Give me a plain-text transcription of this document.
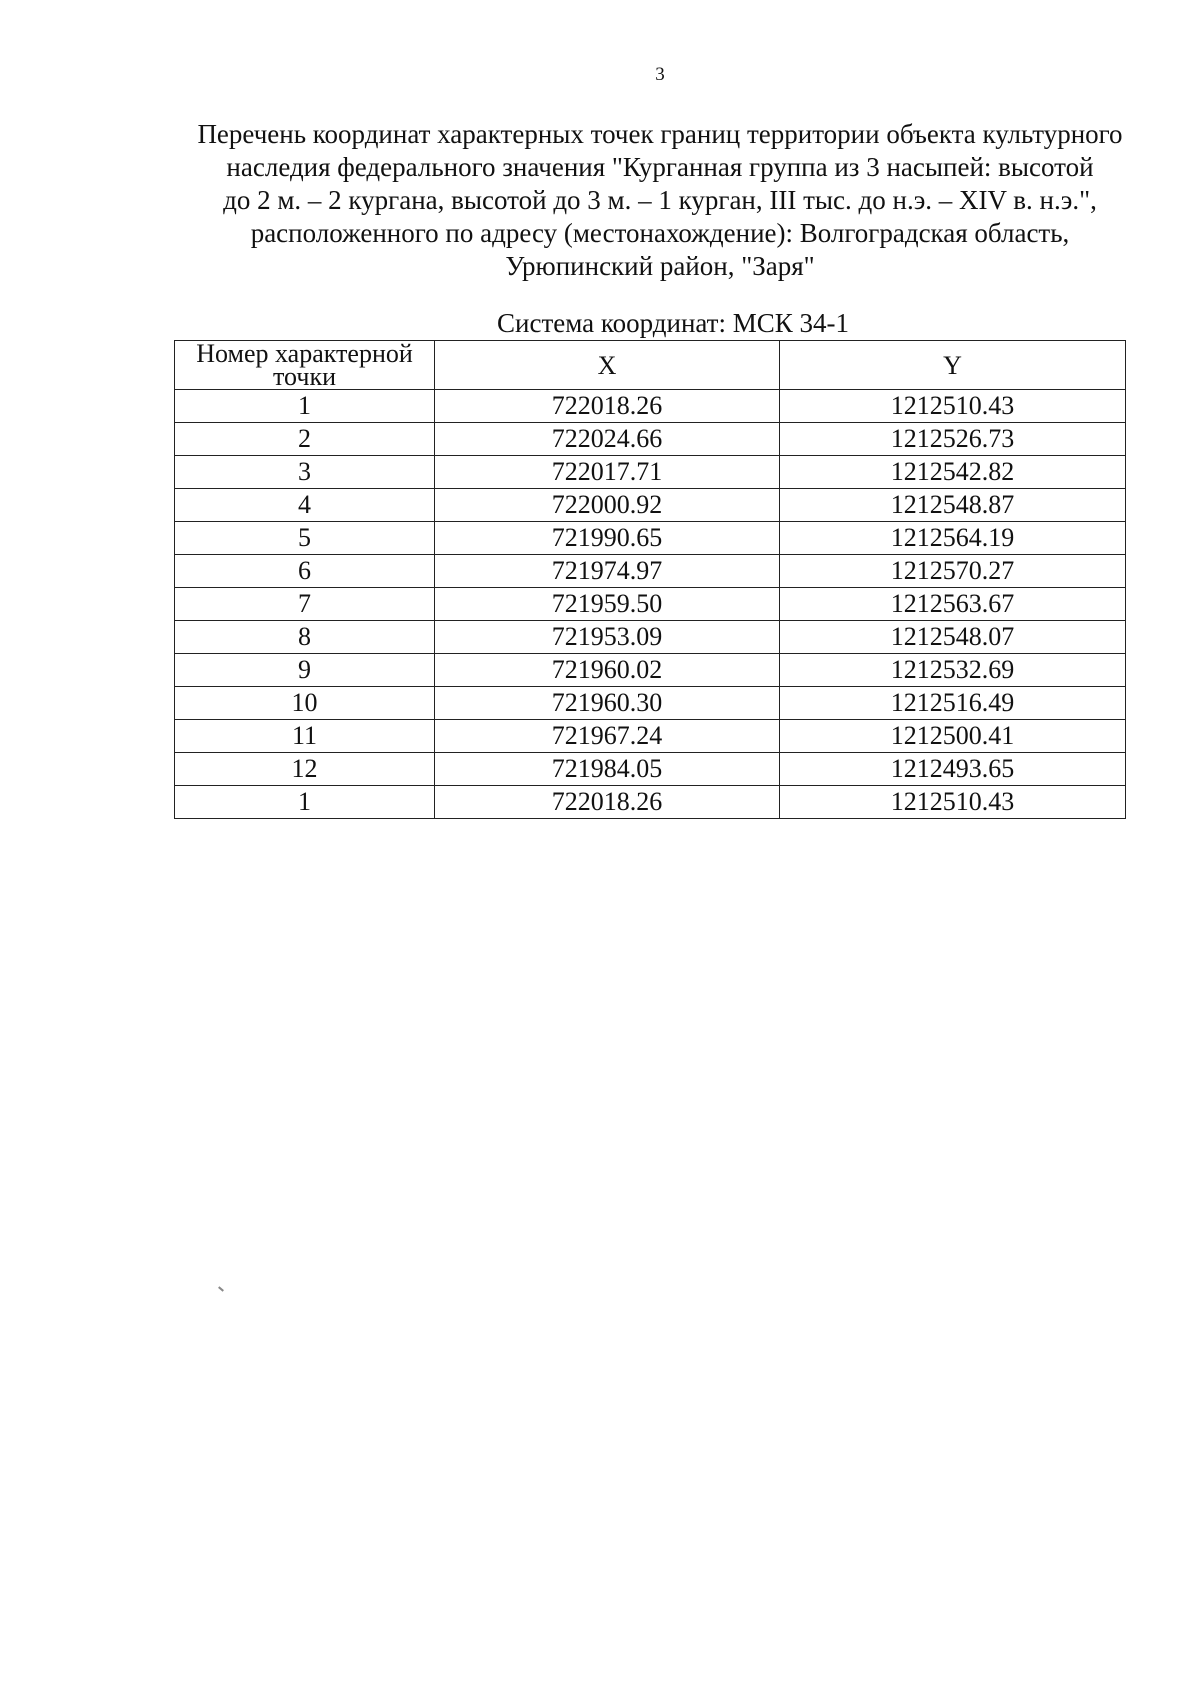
3
Перечень координат характерных точек границ территории объекта культурного
наследия федерального значения "Курганная группа из 3 насыпей: высотой
до 2 м. – 2 кургана, высотой до 3 м. – 1 курган, III тыс. до н.э. – XIV в. н.э.",
расположенного по адресу (местонахождение): Волгоградская область,
Урюпинский район, "Заря"
Система координат: МСК 34-1
Номер характерной
точки	X	Y
1	722018.26	1212510.43
2	722024.66	1212526.73
3	722017.71	1212542.82
4	722000.92	1212548.87
5	721990.65	1212564.19
6	721974.97	1212570.27
7	721959.50	1212563.67
8	721953.09	1212548.07
9	721960.02	1212532.69
10	721960.30	1212516.49
11	721967.24	1212500.41
12	721984.05	1212493.65
1	722018.26	1212510.43
